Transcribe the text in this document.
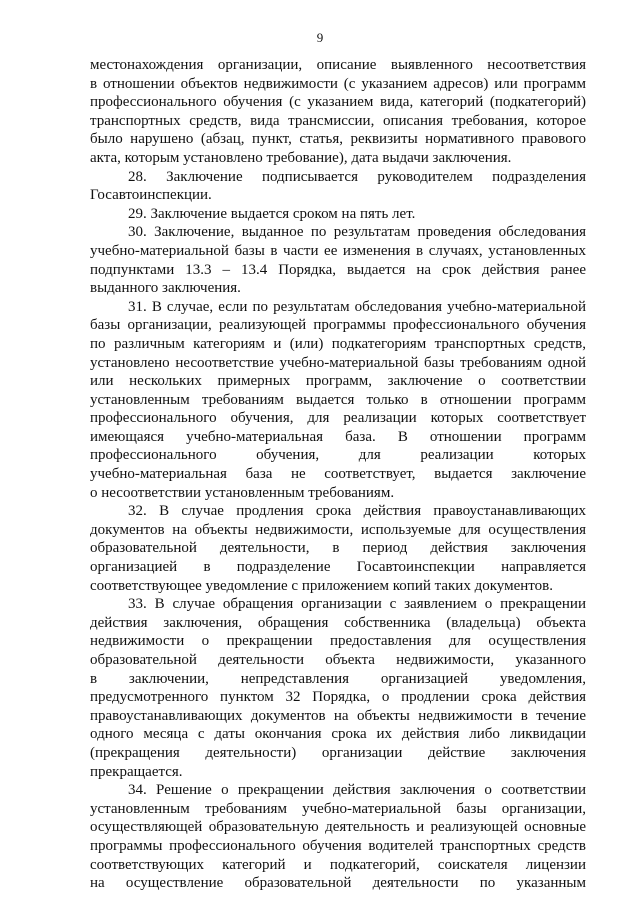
9
местонахождения организации, описание выявленного несоответствия
в отношении объектов недвижимости (с указанием адресов) или программ
профессионального обучения (с указанием вида, категорий (подкатегорий)
транспортных средств, вида трансмиссии, описания требования, которое
было нарушено (абзац, пункт, статья, реквизиты нормативного правового
акта, которым установлено требование), дата выдачи заключения.
28. Заключение подписывается руководителем подразделения
Госавтоинспекции.
29. Заключение выдается сроком на пять лет.
30. Заключение, выданное по результатам проведения обследования
учебно-материальной базы в части ее изменения в случаях, установленных
подпунктами 13.3 – 13.4 Порядка, выдается на срок действия ранее
выданного заключения.
31. В случае, если по результатам обследования учебно-материальной
базы организации, реализующей программы профессионального обучения
по различным категориям и (или) подкатегориям транспортных средств,
установлено несоответствие учебно-материальной базы требованиям одной
или нескольких примерных программ, заключение о соответствии
установленным требованиям выдается только в отношении программ
профессионального обучения, для реализации которых соответствует
имеющаяся учебно-материальная база. В отношении программ
профессионального обучения, для реализации которых
учебно-материальная база не соответствует, выдается заключение
о несоответствии установленным требованиям.
32. В случае продления срока действия правоустанавливающих
документов на объекты недвижимости, используемые для осуществления
образовательной деятельности, в период действия заключения
организацией в подразделение Госавтоинспекции направляется
соответствующее уведомление с приложением копий таких документов.
33. В случае обращения организации с заявлением о прекращении
действия заключения, обращения собственника (владельца) объекта
недвижимости о прекращении предоставления для осуществления
образовательной деятельности объекта недвижимости, указанного
в заключении, непредставления организацией уведомления,
предусмотренного пунктом 32 Порядка, о продлении срока действия
правоустанавливающих документов на объекты недвижимости в течение
одного месяца с даты окончания срока их действия либо ликвидации
(прекращения деятельности) организации действие заключения
прекращается.
34. Решение о прекращении действия заключения о соответствии
установленным требованиям учебно-материальной базы организации,
осуществляющей образовательную деятельность и реализующей основные
программы профессионального обучения водителей транспортных средств
соответствующих категорий и подкатегорий, соискателя лицензии
на осуществление образовательной деятельности по указанным
